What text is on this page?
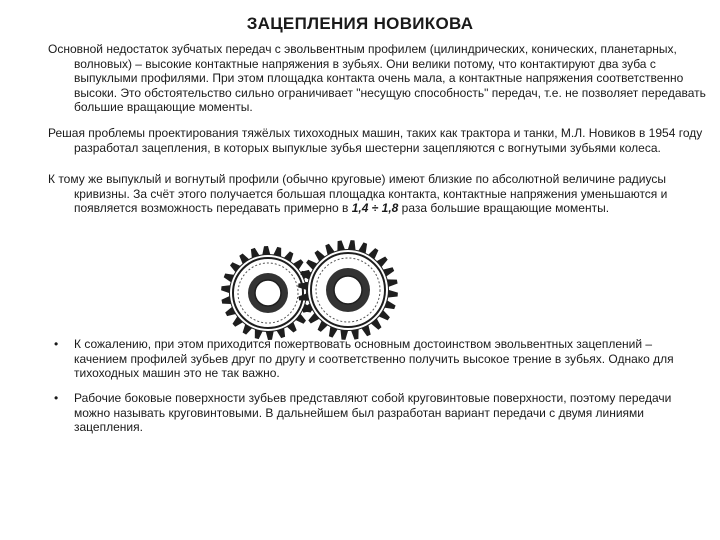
ЗАЦЕПЛЕНИЯ НОВИКОВА
Основной недостаток зубчатых передач с эвольвентным профилем (цилиндрических, конических, планетарных, волновых) – высокие контактные напряжения в зубьях. Они велики потому, что контактируют два зуба с выпуклыми профилями. При этом площадка контакта очень мала, а контактные напряжения соответственно высоки. Это обстоятельство сильно ограничивает "несущую способность" передач, т.е. не позволяет передавать большие вращающие моменты.
Решая проблемы проектирования тяжёлых тихоходных машин, таких как трактора и танки, М.Л. Новиков в 1954 году разработал зацепления, в которых выпуклые зубья шестерни зацепляются с вогнутыми зубьями колеса.
К тому же выпуклый и вогнутый профили (обычно круговые) имеют близкие по абсолютной величине радиусы кривизны. За счёт этого получается большая площадка контакта, контактные напряжения уменьшаются и появляется возможность передавать примерно в 1,4 ÷ 1,8 раза большие вращающие моменты.
• К сожалению, при этом приходится пожертвовать основным достоинством эвольвентных зацеплений – качением профилей зубьев друг по другу и соответственно получить высокое трение в зубьях. Однако для тихоходных машин это не так важно.
• Рабочие боковые поверхности зубьев представляют собой круговинтовые поверхности, поэтому передачи можно называть круговинтовыми. В дальнейшем был разработан вариант передачи с двумя линиями зацепления.
